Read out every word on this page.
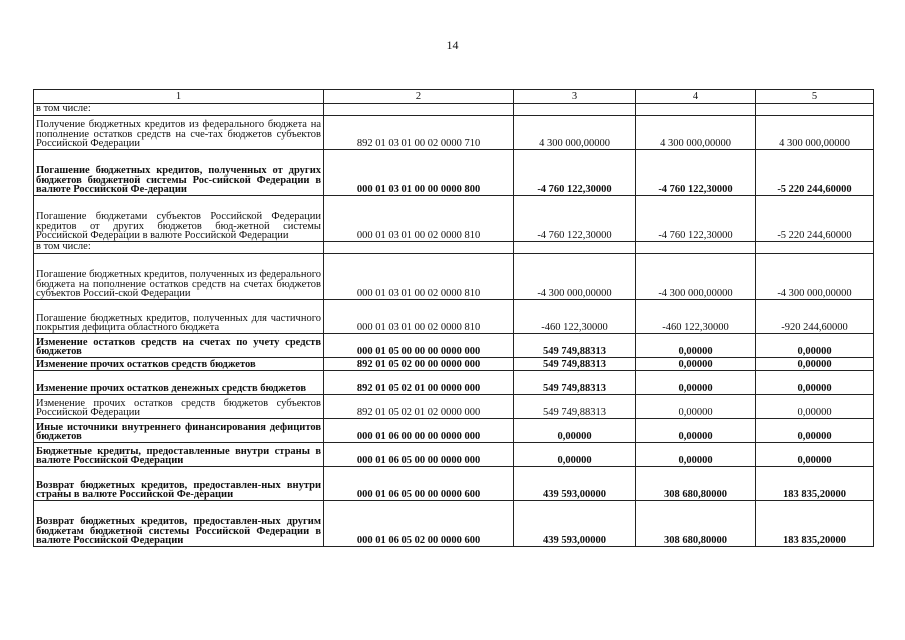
14
1	2	3	4	5
в том числе:				
Получение бюджетных кредитов из федерального бюджета на пополнение остатков средств на сче-тах бюджетов субъектов Российской Федерации	892 01 03 01 00 02 0000 710	4 300 000,00000	4 300 000,00000	4 300 000,00000
Погашение бюджетных кредитов, полученных от других бюджетов бюджетной системы Рос-сийской Федерации в валюте Российской Фе-дерации	000 01 03 01 00 00 0000 800	-4 760 122,30000	-4 760 122,30000	-5 220 244,60000
Погашение бюджетами субъектов Российской Федерации кредитов от других бюджетов бюд-жетной системы Российской Федерации в валюте Российской Федерации	000 01 03 01 00 02 0000 810	-4 760 122,30000	-4 760 122,30000	-5 220 244,60000
в том числе:				
Погашение бюджетных кредитов, полученных из федерального бюджета на пополнение остатков средств на счетах бюджетов субъектов Россий-ской Федерации	000 01 03 01 00 02 0000 810	-4 300 000,00000	-4 300 000,00000	-4 300 000,00000
Погашение бюджетных кредитов, полученных для частичного покрытия дефицита областного бюджета	000 01 03 01 00 02 0000 810	-460 122,30000	-460 122,30000	-920 244,60000
Изменение остатков средств на счетах по учету средств бюджетов	000 01 05 00 00 00 0000 000	549 749,88313	0,00000	0,00000
Изменение прочих остатков средств бюджетов	892 01 05 02 00 00 0000 000	549 749,88313	0,00000	0,00000
Изменение прочих остатков денежных средств бюджетов	892 01 05 02 01 00 0000 000	549 749,88313	0,00000	0,00000
Изменение прочих остатков средств бюджетов субъектов Российской Федерации	892 01 05 02 01 02 0000 000	549 749,88313	0,00000	0,00000
Иные источники внутреннего финансирования дефицитов бюджетов	000 01 06 00 00 00 0000 000	0,00000	0,00000	0,00000
Бюджетные кредиты, предоставленные внутри страны в валюте Российской Федерации	000 01 06 05 00 00 0000 000	0,00000	0,00000	0,00000
Возврат бюджетных кредитов, предоставлен-ных внутри страны в валюте Российской Фе-дерации	000 01 06 05 00 00 0000 600	439 593,00000	308 680,80000	183 835,20000
Возврат бюджетных кредитов, предоставлен-ных другим бюджетам бюджетной системы Российской Федерации в валюте Российской Федерации	000 01 06 05 02 00 0000 600	439 593,00000	308 680,80000	183 835,20000
